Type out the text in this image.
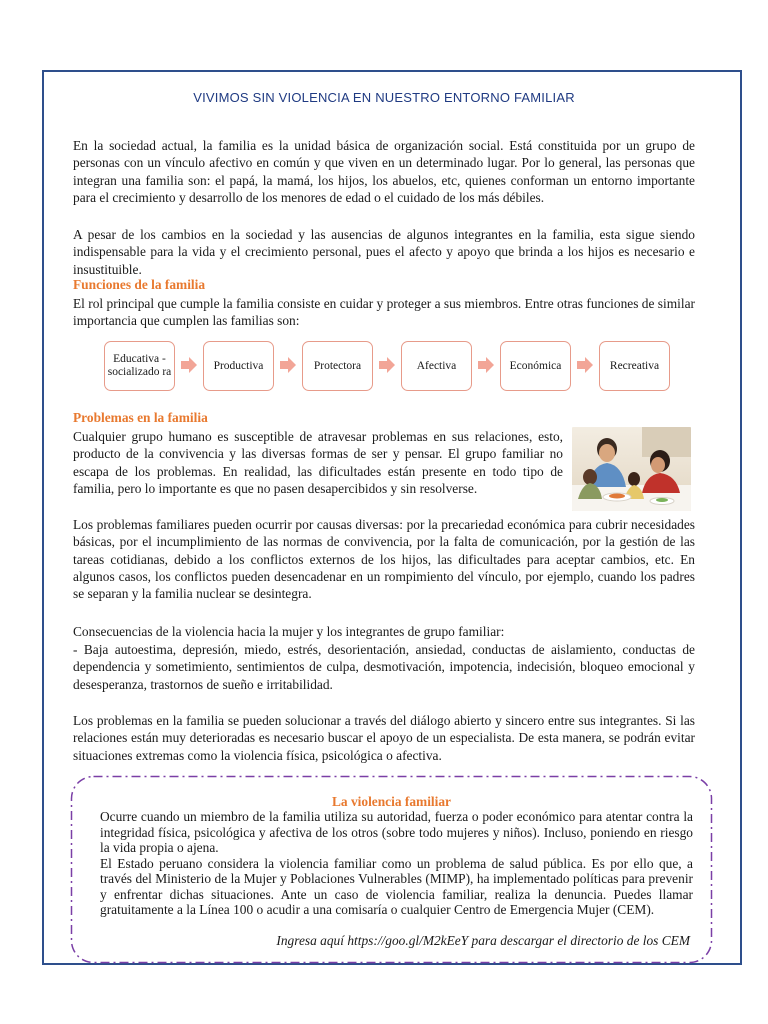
VIVIMOS SIN VIOLENCIA EN NUESTRO ENTORNO FAMILIAR

En la sociedad actual, la familia es la unidad básica de organización social. Está constituida por un grupo de personas con un vínculo afectivo en común y que viven en un determinado lugar. Por lo general, las personas que integran una familia son: el papá, la mamá, los hijos, los abuelos, etc, quienes conforman un entorno importante para el crecimiento y desarrollo de los menores de edad o el cuidado de los más débiles.

A pesar de los cambios en la sociedad y las ausencias de algunos integrantes en la familia, esta sigue siendo indispensable para la vida y el crecimiento personal, pues el afecto y apoyo que brinda a los hijos es necesario e insustituible.

Funciones de la familia

El rol principal que cumple la familia consiste en cuidar y proteger a sus miembros. Entre otras funciones de similar importancia que cumplen las familias son:

Educativa - socializado ra
Productiva	Protectora	Afectiva	Económica	Recreativa
Problemas en la familia

Cualquier grupo humano es susceptible de atravesar problemas en sus relaciones, esto, producto de la convivencia y las diversas formas de ser y pensar. El grupo familiar no escapa de los problemas. En realidad, las dificultades están presente en todo tipo de familia, pero lo importante es que no pasen desapercibidos y sin resolverse.

Los problemas familiares pueden ocurrir por causas diversas: por la precariedad económica para cubrir necesidades básicas, por el incumplimiento de las normas de convivencia, por la falta de comunicación, por la gestión de las tareas cotidianas, debido a los conflictos externos de los hijos, las dificultades para aceptar cambios, etc. En algunos casos, los conflictos pueden desencadenar en un rompimiento del vínculo, por ejemplo, cuando los padres se separan y la familia nuclear se desintegra.

Consecuencias de la violencia hacia la mujer y los integrantes de grupo familiar:

- Baja autoestima, depresión, miedo, estrés, desorientación, ansiedad, conductas de aislamiento, conductas de dependencia y sometimiento, sentimientos de culpa, desmotivación, impotencia, indecisión, bloqueo emocional y desesperanza, trastornos de sueño e irritabilidad.

Los problemas en la familia se pueden solucionar a través del diálogo abierto y sincero entre sus integrantes. Si las relaciones están muy deterioradas es necesario buscar el apoyo de un especialista. De esta manera, se podrán evitar situaciones extremas como la violencia física, psicológica o afectiva.

La violencia familiar
Ocurre cuando un miembro de la familia utiliza su autoridad, fuerza o poder económico para atentar contra la integridad física, psicológica y afectiva de los otros (sobre todo mujeres y niños). Incluso, poniendo en riesgo la vida propia o ajena.
El Estado peruano considera la violencia familiar como un problema de salud pública. Es por ello que, a través del Ministerio de la Mujer y Poblaciones Vulnerables (MIMP), ha implementado políticas para prevenir y enfrentar dichas situaciones. Ante un caso de violencia familiar, realiza la denuncia. Puedes llamar gratuitamente a la Línea 100 o acudir a una comisaría o cualquier Centro de Emergencia Mujer (CEM).
Ingresa aquí https://goo.gl/M2kEeY para descargar el directorio de los CEM
